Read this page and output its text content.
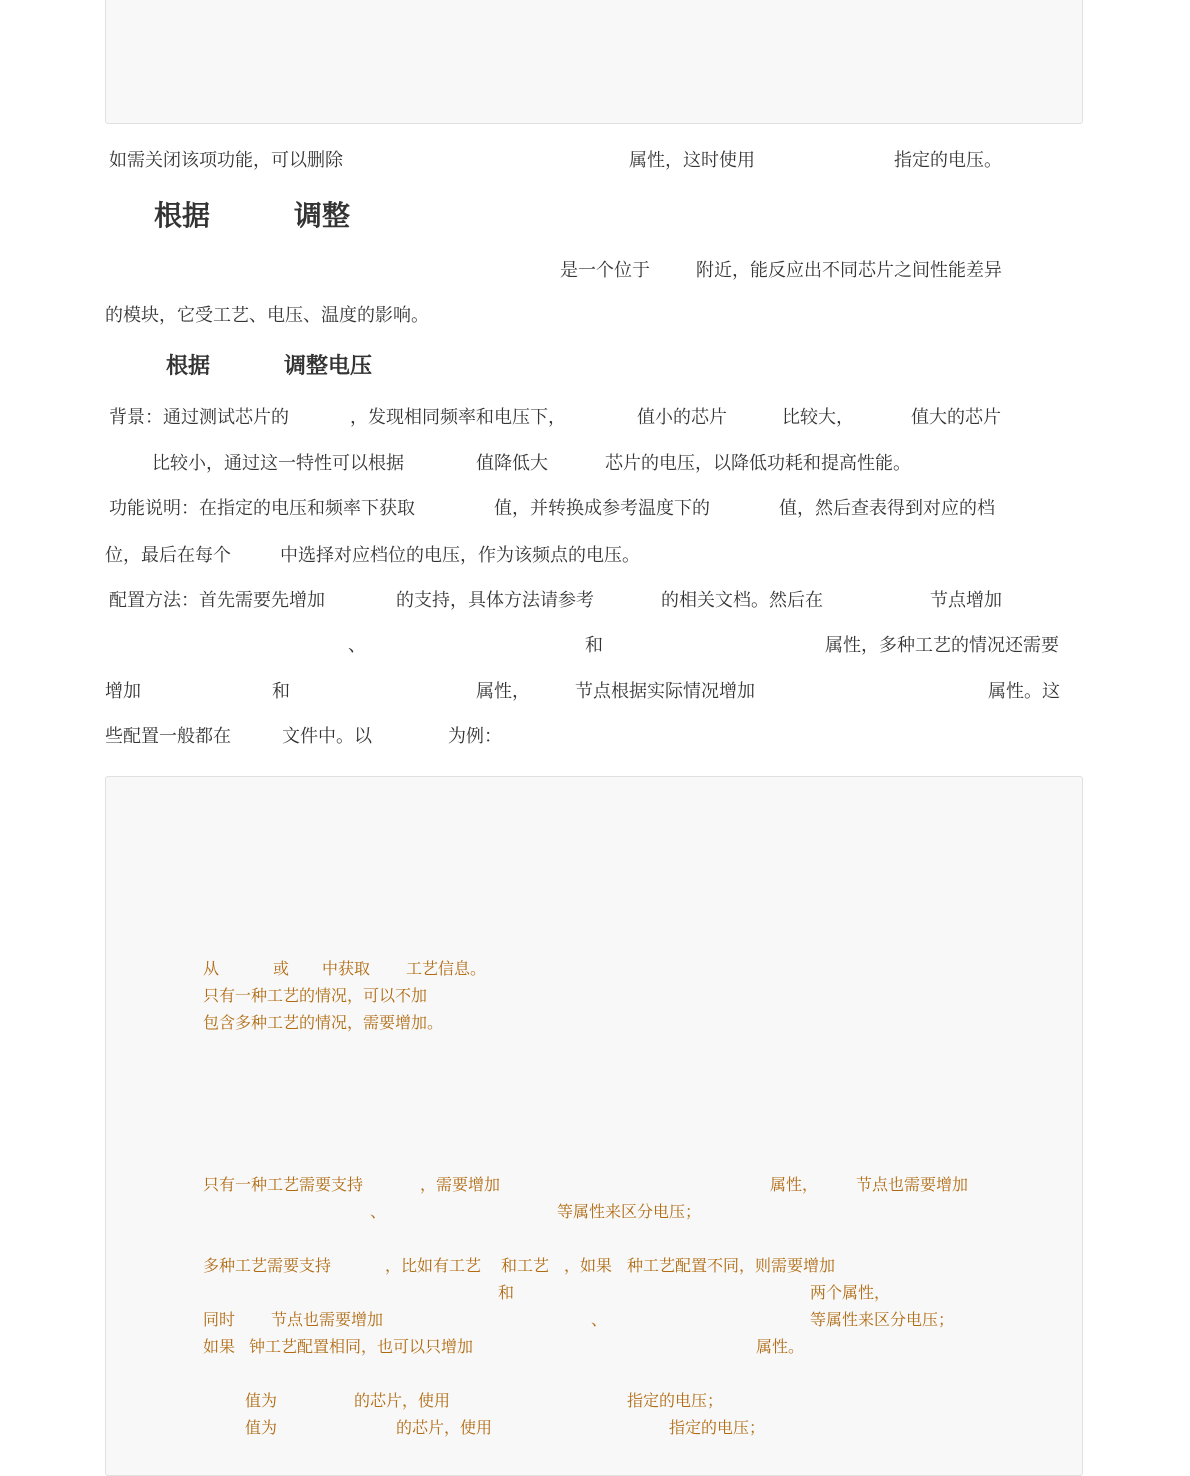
如需关闭该项功能，可以删除	属性，这时使用	指定的电压。
根据	调整
是一个位于	附近，能反应出不同芯片之间性能差异
的模块，它受工艺、电压、温度的影响。
根据	调整电压
背景：通过测试芯片的	，发现相同频率和电压下，	值小的芯片	比较大，	值大的芯片
比较小，通过这一特性可以根据	值降低大	芯片的电压，以降低功耗和提高性能。
功能说明：在指定的电压和频率下获取	值，并转换成参考温度下的	值，然后查表得到对应的档
位，最后在每个	中选择对应档位的电压，作为该频点的电压。
配置方法：首先需要先增加	的支持，具体方法请参考	的相关文档。然后在	节点增加
、	和	属性，多种工艺的情况还需要
增加	和	属性，	节点根据实际情况增加	属性。这
些配置一般都在	文件中。以	为例：
从	或 中获取 工艺信息。
只有一种工艺的情况，可以不加
包含多种工艺的情况，需要增加。
只有一种工艺需要支持	，需要增加	属性， 节点也需要增加
、	等属性来区分电压；
多种工艺需要支持	，比如有工艺 和工艺 ，如果 种工艺配置不同，则需要增加
和	两个属性，
同时 节点也需要增加	、	等属性来区分电压；
如果 钟工艺配置相同，也可以只增加	属性。
值为	的芯片，使用	指定的电压；
值为	的芯片，使用	指定的电压；
